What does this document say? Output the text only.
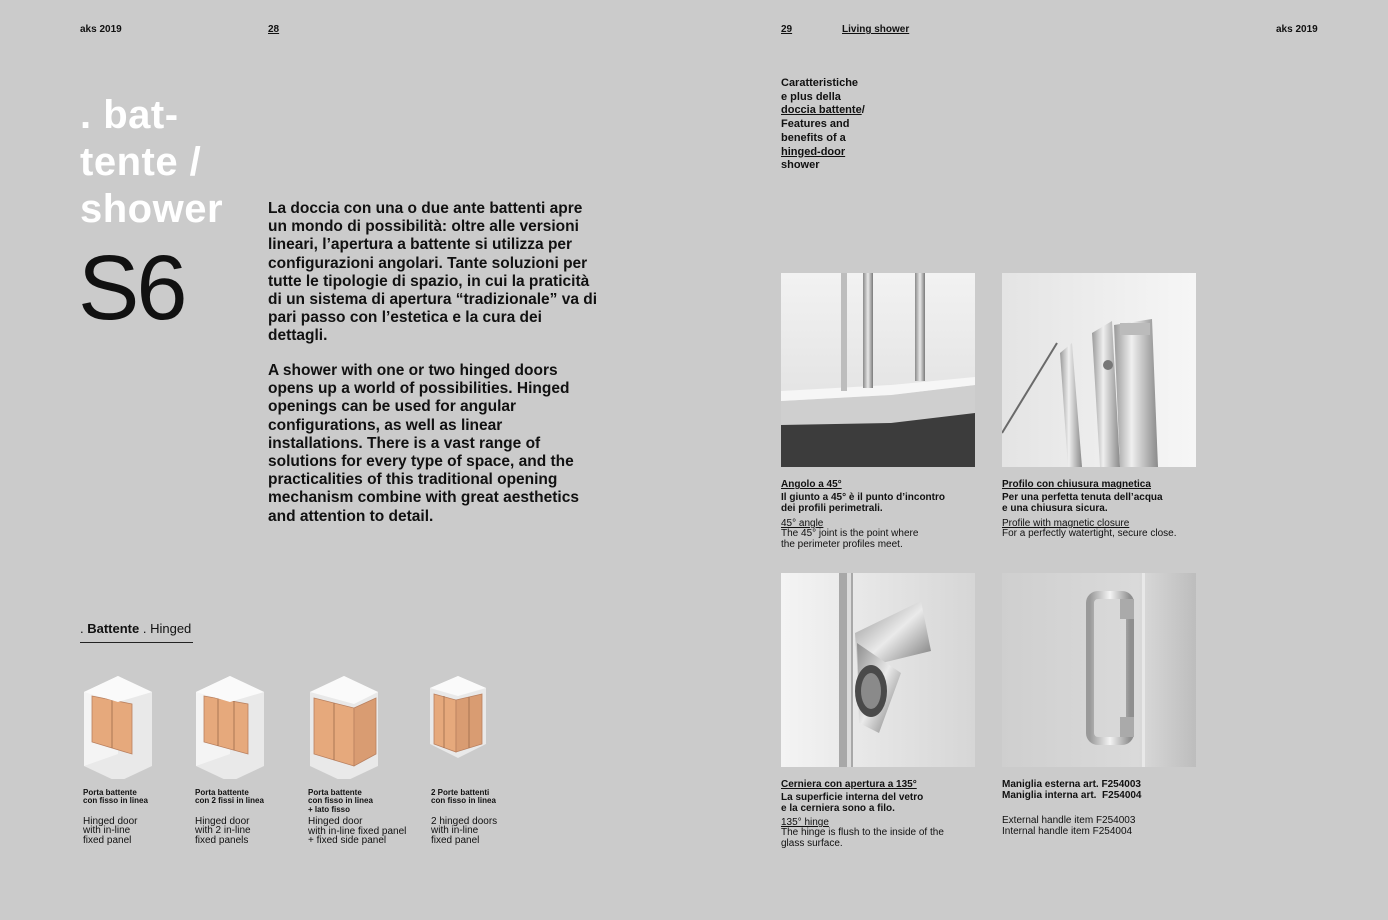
aks 2019	28	29	Living shower	aks 2019
. bat-
tente /
shower
S6
La doccia con una o due ante battenti apre un mondo di possibilità: oltre alle versioni lineari, l’apertura a battente si utilizza per configurazioni angolari. Tante soluzioni per tutte le tipologie di spazio, in cui la praticità di un sistema di apertura “tradizionale” va di pari passo con l’estetica e la cura dei dettagli.
A shower with one or two hinged doors opens up a world of possibilities. Hinged openings can be used for angular configurations, as well as linear installations. There is a vast range of solutions for every type of space, and the practicalities of this traditional opening mechanism combine with great aesthetics and attention to detail.
. Battente . Hinged
Porta battente
con fisso in linea
Hinged door
with in-line
fixed panel
Porta battente
con 2 fissi in linea
Hinged door
with 2 in-line
fixed panels
Porta battente
con fisso in linea
+ lato fisso
Hinged door
with in-line fixed panel
+ fixed side panel
2 Porte battenti
con fisso in linea
2 hinged doors
with in-line
fixed panel
Caratteristiche
e plus della
doccia battente/
Features and
benefits of a
hinged-door
shower
Angolo a 45°
Il giunto a 45° è il punto d’incontro
dei profili perimetrali.
45° angle
The 45° joint is the point where
the perimeter profiles meet.
Profilo con chiusura magnetica
Per una perfetta tenuta dell’acqua
e una chiusura sicura.
Profile with magnetic closure
For a perfectly watertight, secure close.
Cerniera con apertura a 135°
La superficie interna del vetro
e la cerniera sono a filo.
135° hinge
The hinge is flush to the inside of the
glass surface.
Maniglia esterna art. F254003
Maniglia interna art.  F254004
External handle item F254003
Internal handle item F254004
